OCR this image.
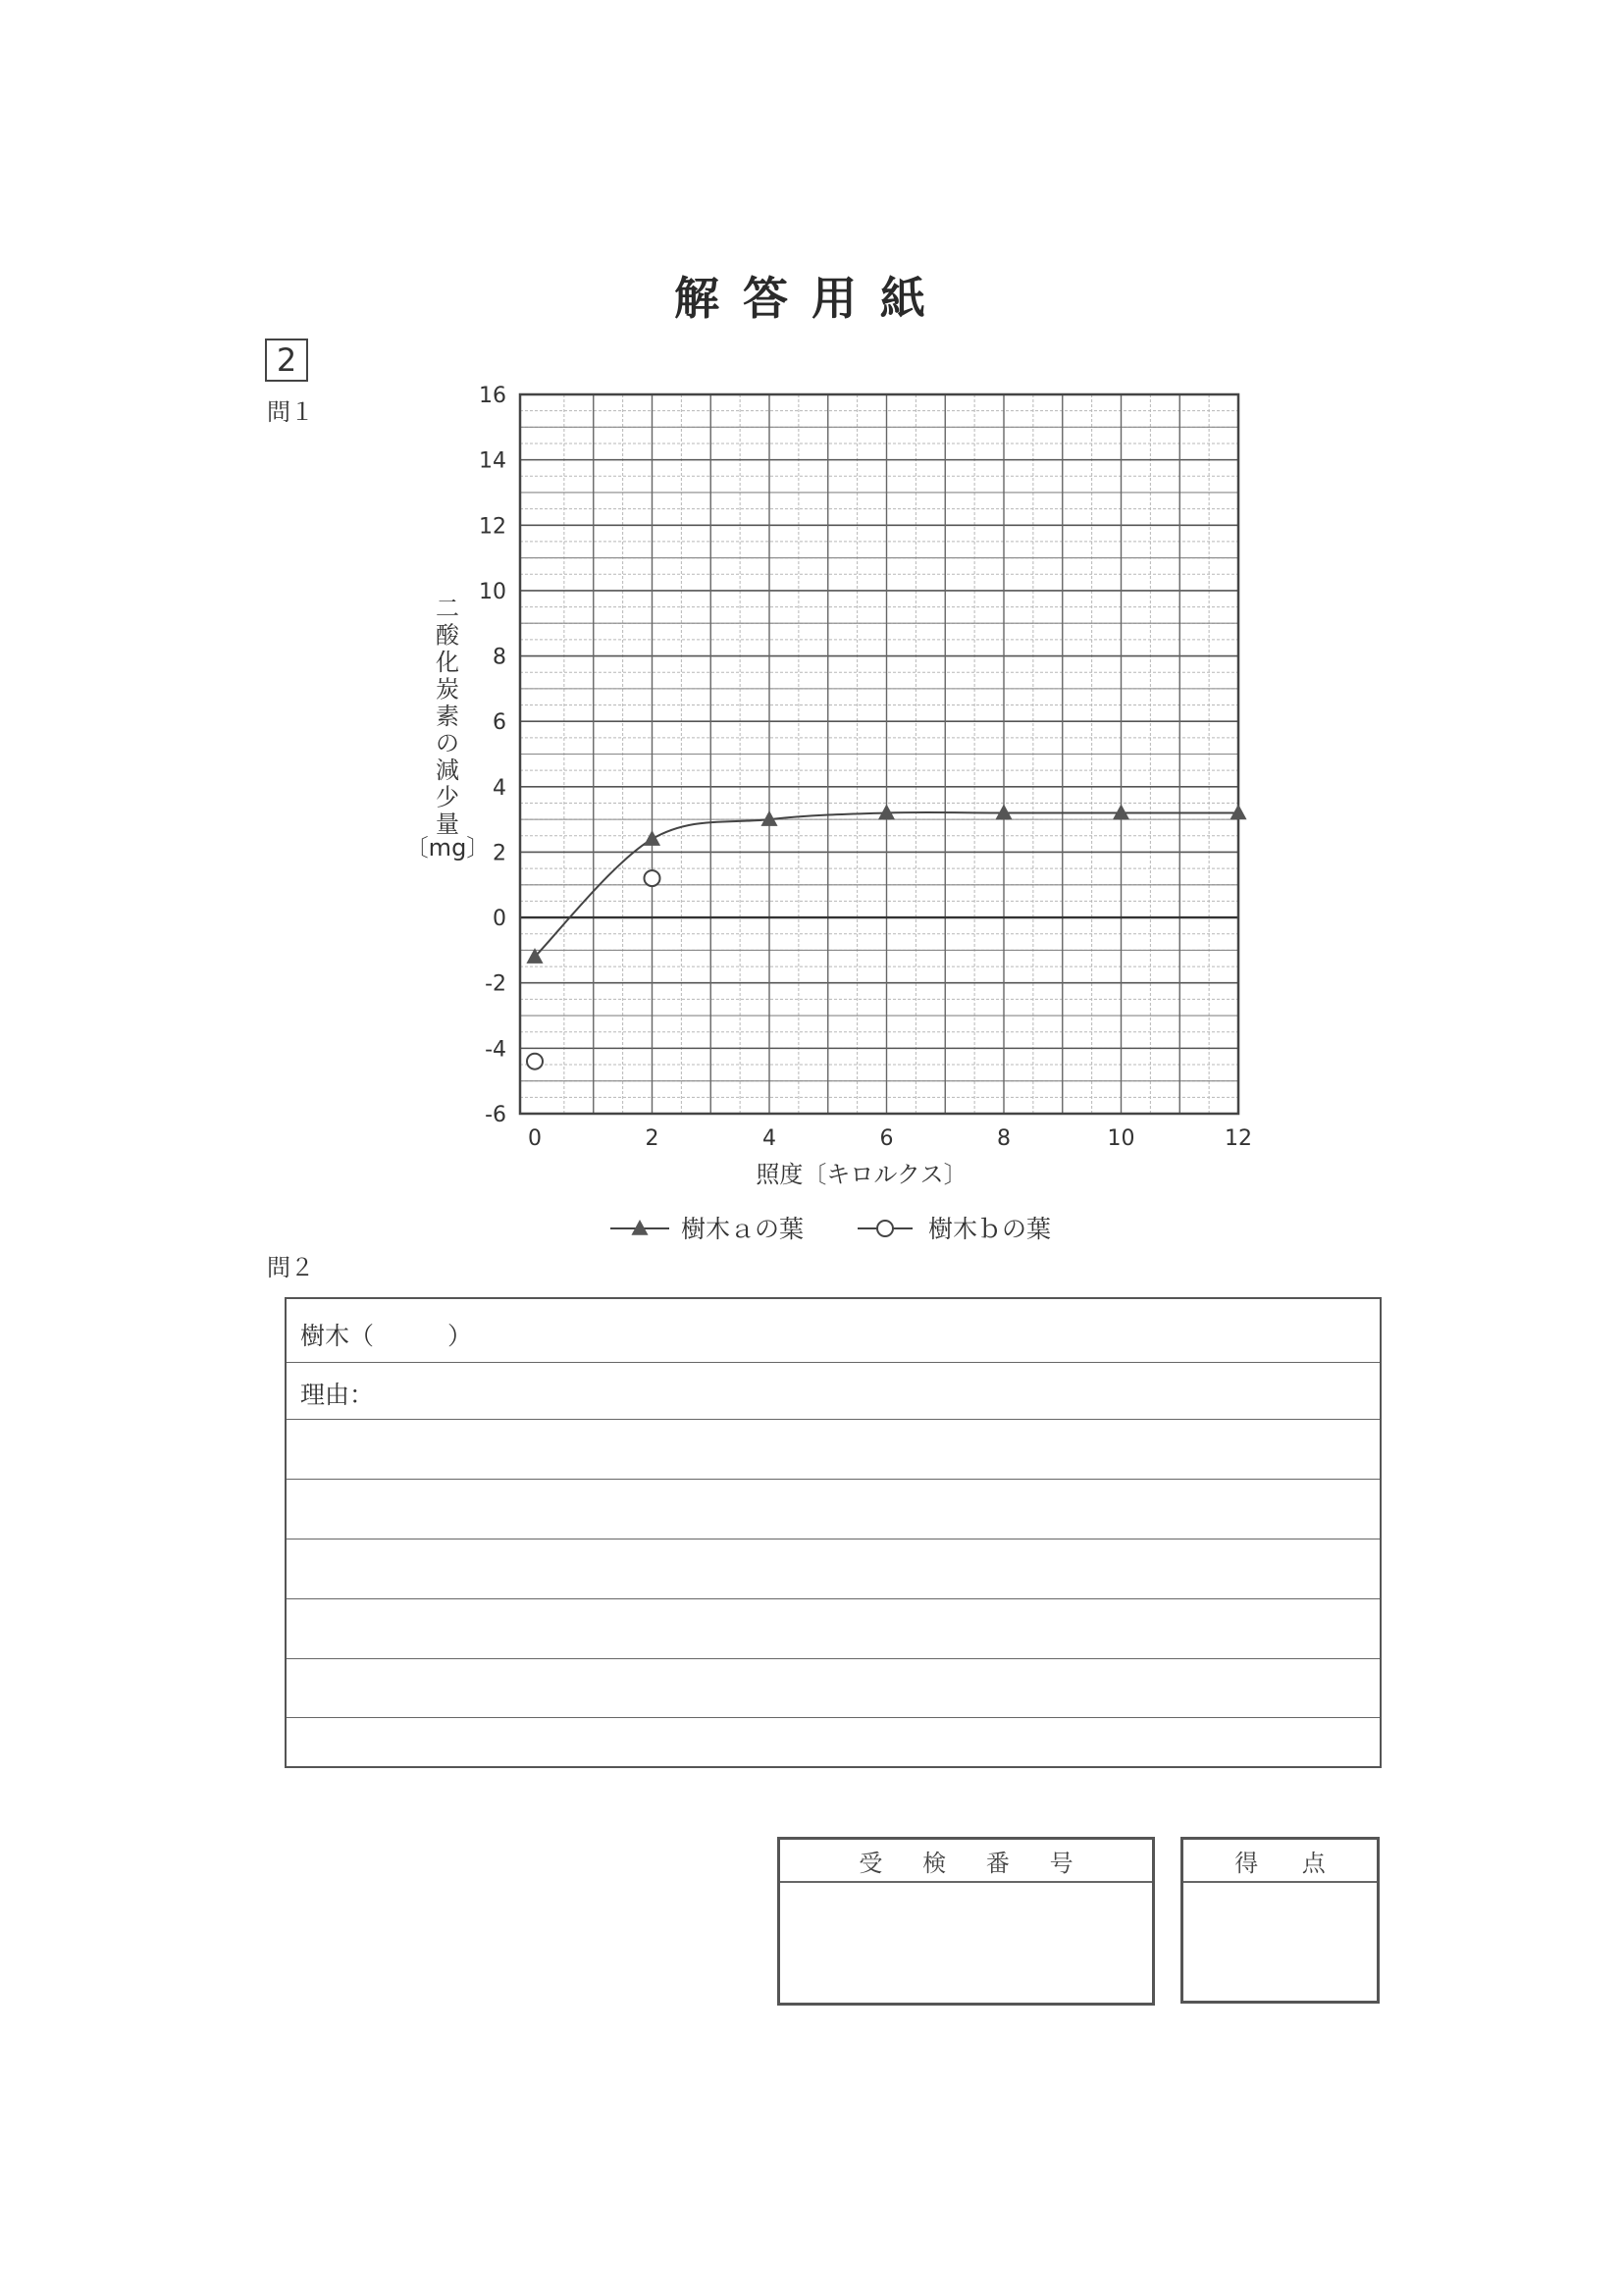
解答用紙
2
問１
0	2	4	6	8	10	12
16
14
12
10
8
6
4
2
0
-2
-4
-6
二
酸
化
炭
素
の
減
少
量
〔mg〕
照度〔キロルクス〕
樹木ａの葉	樹木ｂの葉
問２
樹木（　　　）
理由：
受 検 番 号	得 点
